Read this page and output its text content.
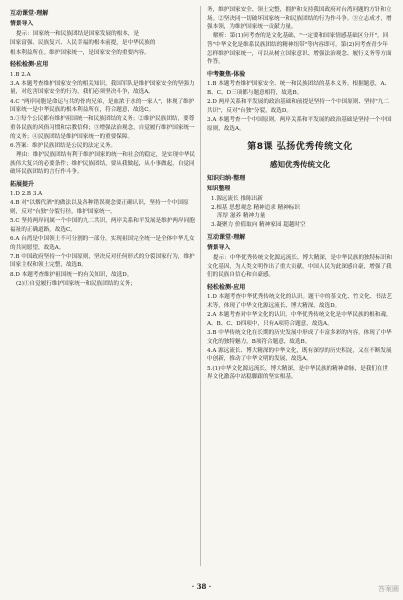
互动课堂·理解
情景导入

提示：国家统一和民族团结是国家发展的根本，是

国家富强、民族复兴、人民幸福的根本前提，是中华民族的

根本利益所在。维护国家统一，是国家安全的重要内容。

轻松检测·应用

1.B 2.A

3.A 本题考查维护国家安全的相关知识。我国军队是维护国家安全的坚强力量，对危害国家安全的行为，我们必须坚决斗争，故选A。

4.C "两岸同胞是命运与共的骨肉兄弟，是血浓于水的一家人"，体现了维护国家统一是中华民族的根本利益所在，符合题意，故选C。

5.①每个公民都有维护祖国统一和民族团结的义务；②维护民族团结，要尊重各民族的风俗习惯和宗教信仰；③增强法治观念，自觉履行维护国家统一的义务；④民族团结是维护国家统一的重要保障。

6.答案：维护民族团结是公民的法定义务。

理由：维护民族团结有利于维护国家的统一和社会的稳定，是实现中华民族伟大复兴的必要条件；维护民族团结，要从我做起，从小事做起，自觉同破坏民族团结的言行作斗争。

拓展提升

1.D 2.B 3.A

4.B 对"以烟代酒"的做法以及各种错误观念要正确认识，坚持一个中国原则，反对"台独"分裂行径，维护国家统一。

5.C 坚持两岸同属一个中国的九二共识，两岸关系和平发展是维护两岸同胞福祉的正确道路，故选C。

6.A 台湾是中国领土不可分割的一部分，实现祖国完全统一是全体中华儿女的共同愿望，故选A。

7.B 中国政府坚持一个中国原则，坚决反对任何形式的分裂国家行为，维护国家主权和领土完整，故选B。

8.D 本题考查维护祖国统一的有关知识，故选D。

(2)①自觉履行维护国家统一和民族团结的义务；

务，维护国家安全、领土完整，拥护和支持我国政府对台湾问题的方针和立场。②坚决同一切破坏国家统一和民族团结的行为作斗争。③立志成才，增强本领，为维护国家统一贡献力量。

解析：第(1)问考查的是文化基础，"一定要和国家情感基础区分开"，回答"中华文化是维系民族团结的精神纽带"等内容即可。第(2)问考查青少年怎样维护国家统一，可以从树立国家意识、增强法治观念、履行义务等方面作答。

中考聚焦·体验

1.B 本题考查维护国家安全、统一和民族团结的基本义务。根据题意，A、B、C、D三项都与题意相符，故选B。

2.D 两岸关系和平发展的政治基础和前提是坚持一个中国原则、坚持"九二共识"，反对"台独"分裂，故选D。

3.A 本题考查一个中国原则。两岸关系和平发展的政治基础是坚持一个中国原则，故选A。

第8课 弘扬优秀传统文化
感知优秀传统文化
知识归纳·整理
知识整理
1.源远流长 推陈出新
2.根基 思想观念 精神追求 精神标识
浑厚 滋养 精神力量
3.凝聚力 价值取向 精神家园 超越时空
互动课堂·理解
情景导入

提示：中华优秀传统文化源远流长、博大精深，是中华民族的独特标识和文化基因，为人类文明作出了重大贡献，中国人民为此深感自豪，增强了我们的民族自信心和自豪感。

轻松检测·应用

1.D 本题考查中华优秀传统文化的认识。题干中的茶文化、竹文化、书法艺术等，体现了中华文化源远流长、博大精深，故选D。

2.A 本题考查对中华文化的认识。中华优秀传统文化是中华民族的根和魂，A、B、C、D四项中，只有A项符合题意，故选A。

3.B 中华传统文化在长期的历史发展中形成了丰富多彩的内容，体现了中华文化的独特魅力，B项符合题意，故选B。

4.A 源远流长、博大精深的中华文化，既有深厚的历史积淀，又在不断发展中创新，推动了中华文明的发展，故选A。

5.(1)中华文化源远流长，博大精深，是中华民族的精神命脉，是我们在世界文化激荡中站稳脚跟的坚实根基。

· 38 ·	答案圈
